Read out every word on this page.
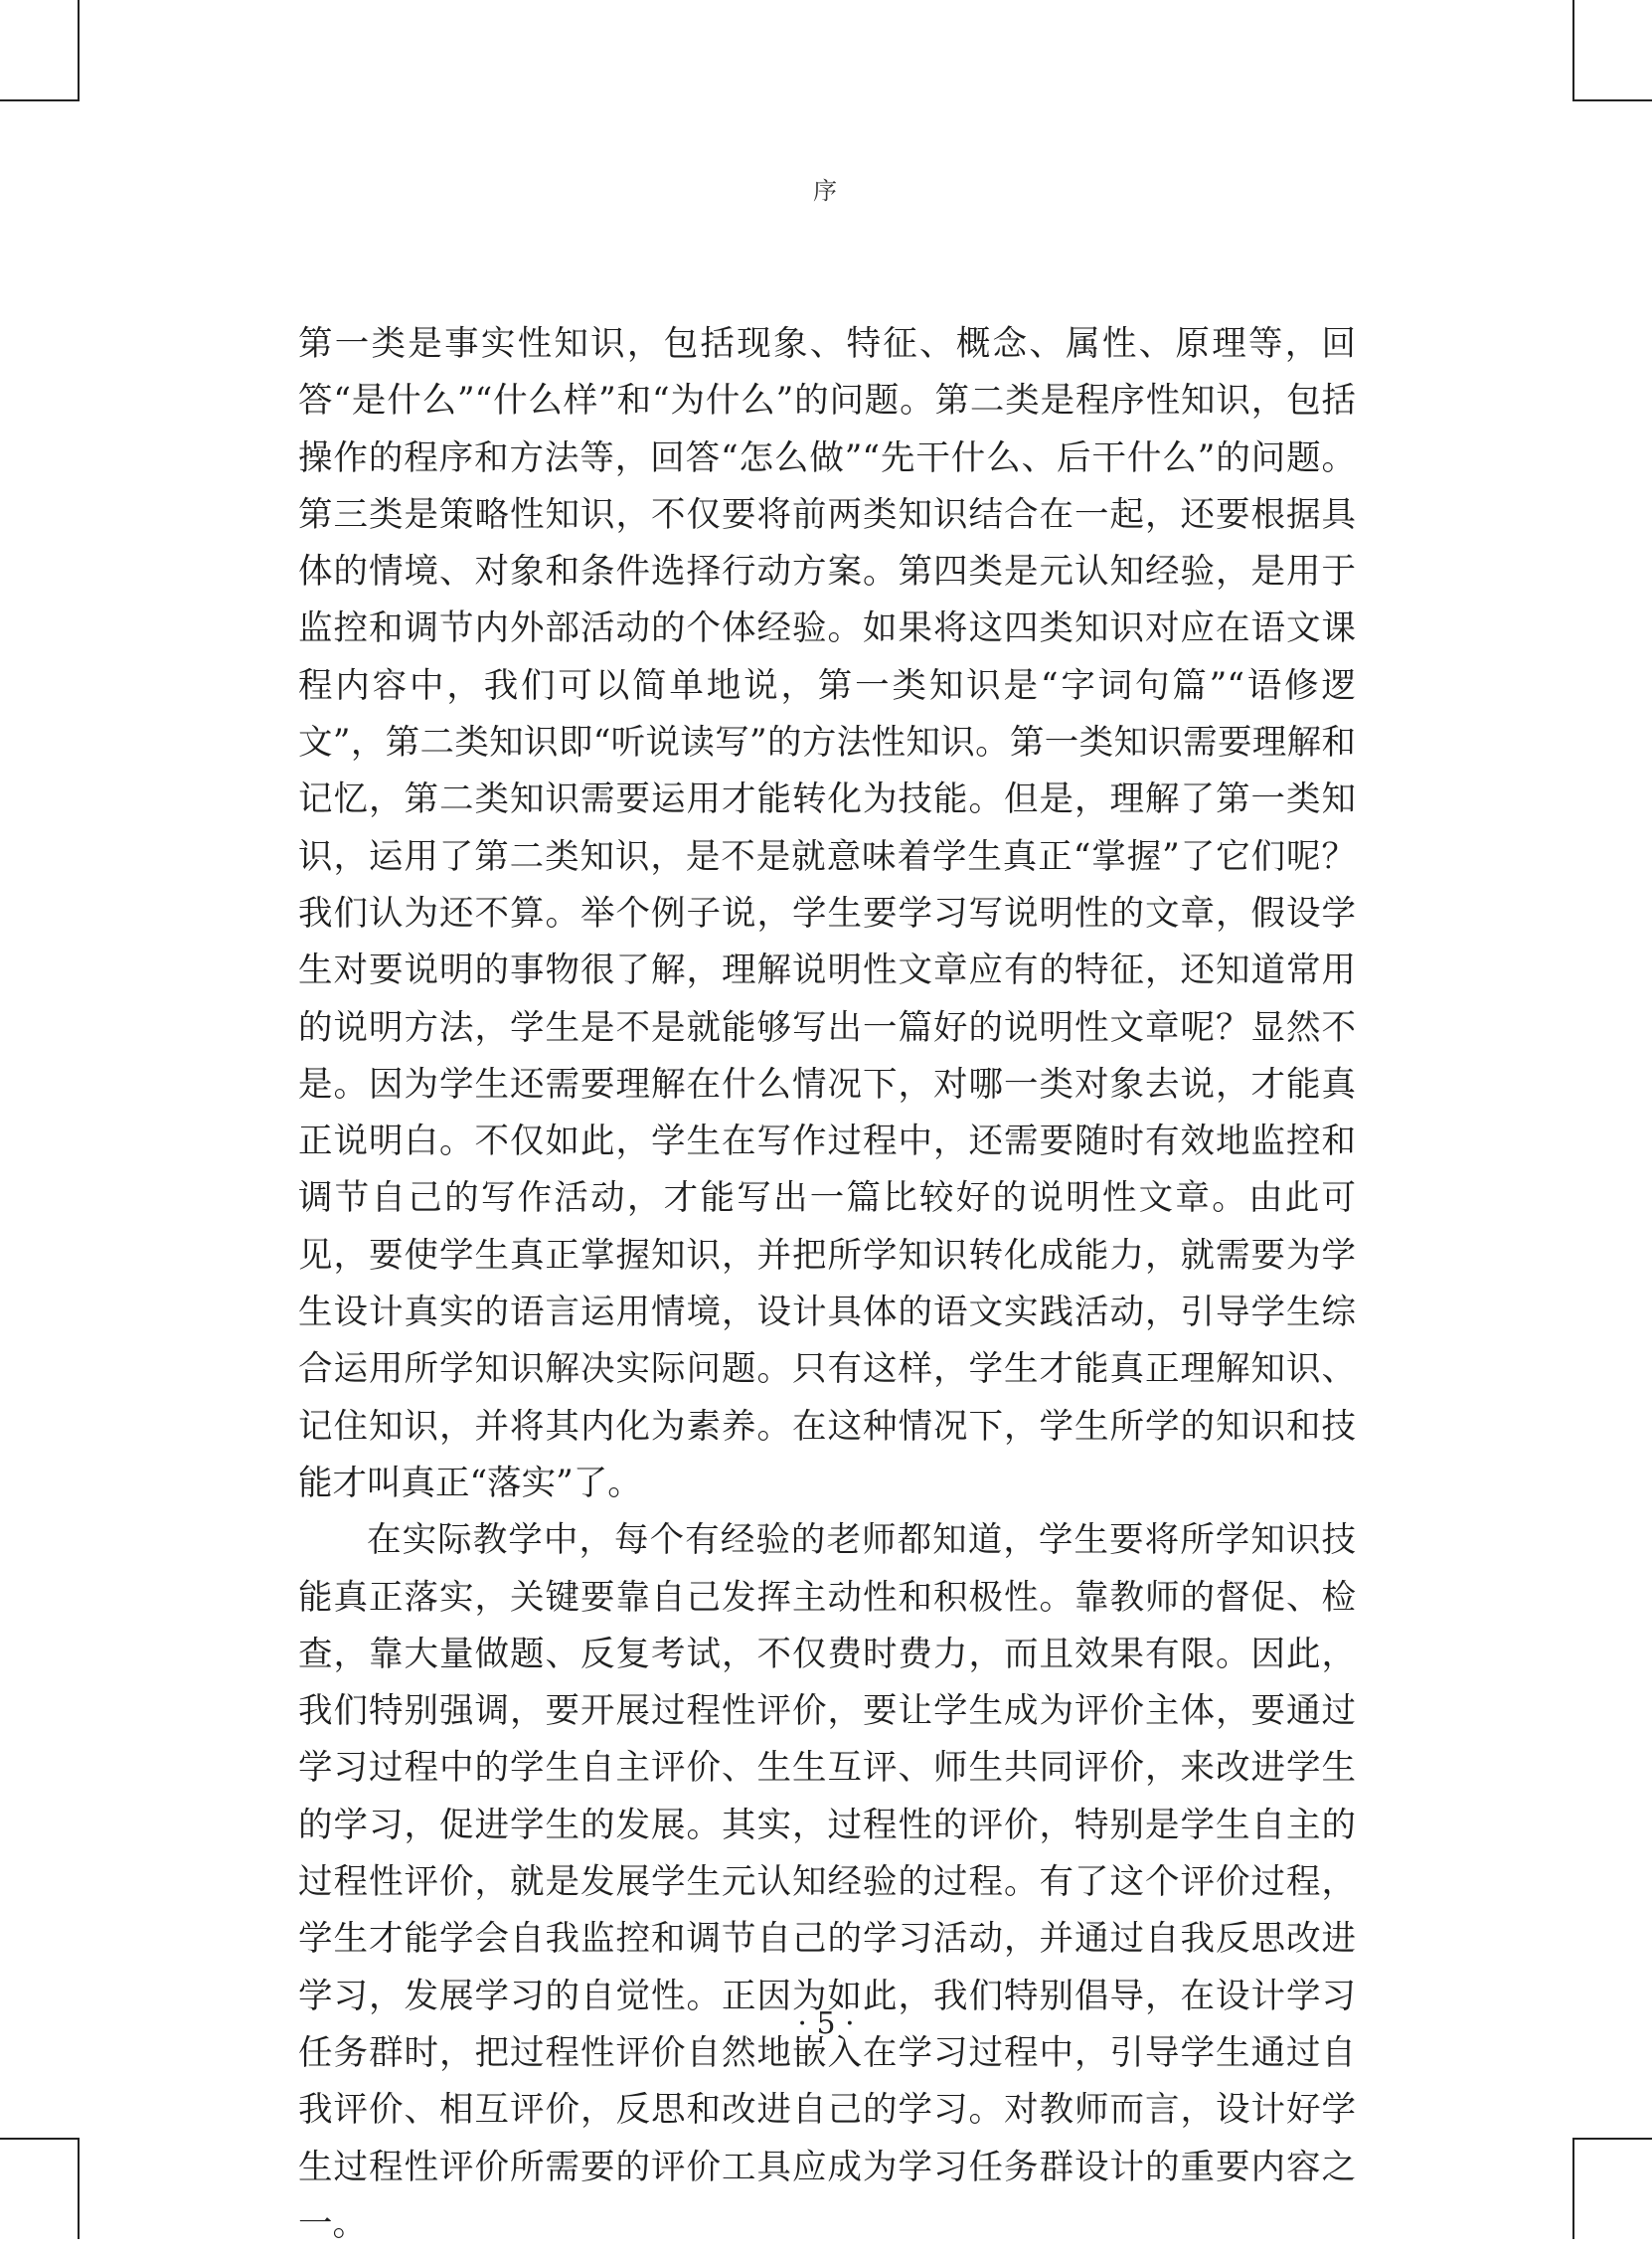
序

第一类是事实性知识，包括现象、特征、概念、属性、原理等，回答“是什么”“什么样”和“为什么”的问题。第二类是程序性知识，包括操作的程序和方法等，回答“怎么做”“先干什么、后干什么”的问题。第三类是策略性知识，不仅要将前两类知识结合在一起，还要根据具体的情境、对象和条件选择行动方案。第四类是元认知经验，是用于监控和调节内外部活动的个体经验。如果将这四类知识对应在语文课程内容中，我们可以简单地说，第一类知识是“字词句篇”“语修逻文”，第二类知识即“听说读写”的方法性知识。第一类知识需要理解和记忆，第二类知识需要运用才能转化为技能。但是，理解了第一类知识，运用了第二类知识，是不是就意味着学生真正“掌握”了它们呢？我们认为还不算。举个例子说，学生要学习写说明性的文章，假设学生对要说明的事物很了解，理解说明性文章应有的特征，还知道常用的说明方法，学生是不是就能够写出一篇好的说明性文章呢？显然不是。因为学生还需要理解在什么情况下，对哪一类对象去说，才能真正说明白。不仅如此，学生在写作过程中，还需要随时有效地监控和调节自己的写作活动，才能写出一篇比较好的说明性文章。由此可见，要使学生真正掌握知识，并把所学知识转化成能力，就需要为学生设计真实的语言运用情境，设计具体的语文实践活动，引导学生综合运用所学知识解决实际问题。只有这样，学生才能真正理解知识、记住知识，并将其内化为素养。在这种情况下，学生所学的知识和技能才叫真正“落实”了。

在实际教学中，每个有经验的老师都知道，学生要将所学知识技能真正落实，关键要靠自己发挥主动性和积极性。靠教师的督促、检查，靠大量做题、反复考试，不仅费时费力，而且效果有限。因此，我们特别强调，要开展过程性评价，要让学生成为评价主体，要通过学习过程中的学生自主评价、生生互评、师生共同评价，来改进学生的学习，促进学生的发展。其实，过程性的评价，特别是学生自主的过程性评价，就是发展学生元认知经验的过程。有了这个评价过程，学生才能学会自我监控和调节自己的学习活动，并通过自我反思改进学习，发展学习的自觉性。正因为如此，我们特别倡导，在设计学习任务群时，把过程性评价自然地嵌入在学习过程中，引导学生通过自我评价、相互评价，反思和改进自己的学习。对教师而言，设计好学生过程性评价所需要的评价工具应成为学习任务群设计的重要内容之一。

· 5 ·
